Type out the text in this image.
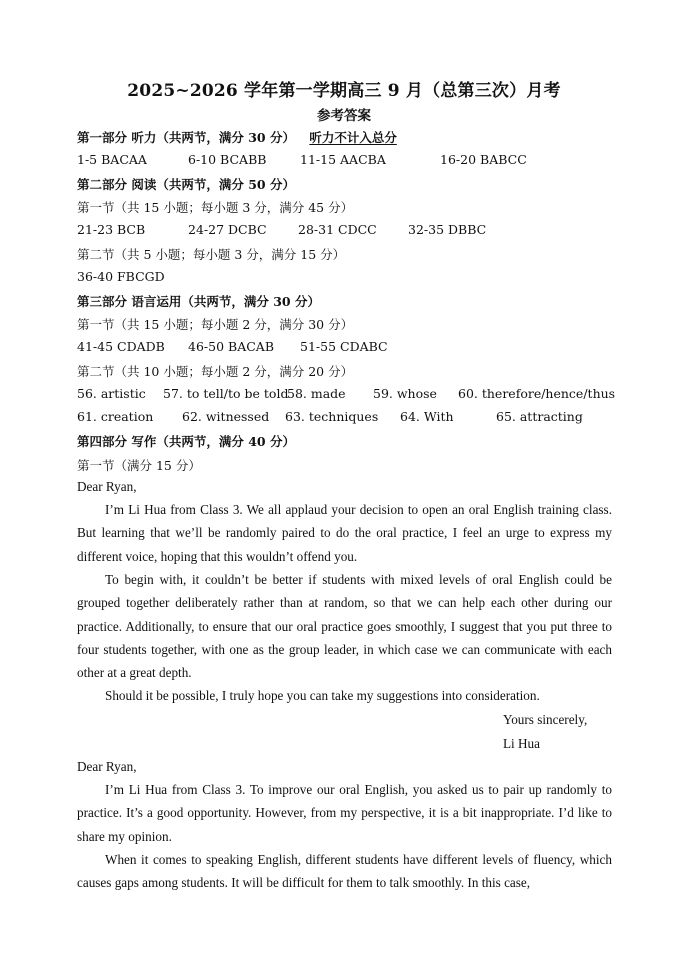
2025~2026 学年第一学期高三 9 月（总第三次）月考
参考答案
第一部分 听力（共两节，满分 30 分） 听力不计入总分
1-5 BACAA	6-10 BCABB	11-15 AACBA	16-20 BABCC
第二部分 阅读（共两节，满分 50 分）
第一节（共 15 小题；每小题 3 分，满分 45 分）
21-23 BCB	24-27 DCBC	28-31 CDCC	32-35 DBBC
第二节（共 5 小题；每小题 3 分，满分 15 分）
36-40 FBCGD
第三部分 语言运用（共两节，满分 30 分）
第一节（共 15 小题；每小题 2 分，满分 30 分）
41-45 CDADB 46-50 BACAB 51-55 CDABC
第二节（共 10 小题；每小题 2 分，满分 20 分）
56. artistic 57. to tell/to be told
58. made 59. whose 60. therefore/hence/thus
61. creation 62. witnessed 63. techniques 64. With	65. attracting
第四部分 写作（共两节，满分 40 分）
第一节（满分 15 分）
Dear Ryan,

I’m Li Hua from Class 3. We all applaud your decision to open an oral English training class. But learning that we’ll be randomly paired to do the oral practice, I feel an urge to express my different voice, hoping that this wouldn’t offend you.

To begin with, it couldn’t be better if students with mixed levels of oral English could be grouped together deliberately rather than at random, so that we can help each other during our practice. Additionally, to ensure that our oral practice goes smoothly, I suggest that you put three to four students together, with one as the group leader, in which case we can communicate with each other at a great depth.

Should it be possible, I truly hope you can take my suggestions into consideration.

Yours sincerely,
Li Hua
Dear Ryan,

I’m Li Hua from Class 3. To improve our oral English, you asked us to pair up randomly to practice. It’s a good opportunity. However, from my perspective, it is a bit inappropriate. I’d like to share my opinion.

When it comes to speaking English, different students have different levels of fluency, which causes gaps among students. It will be difficult for them to talk smoothly. In this case,
